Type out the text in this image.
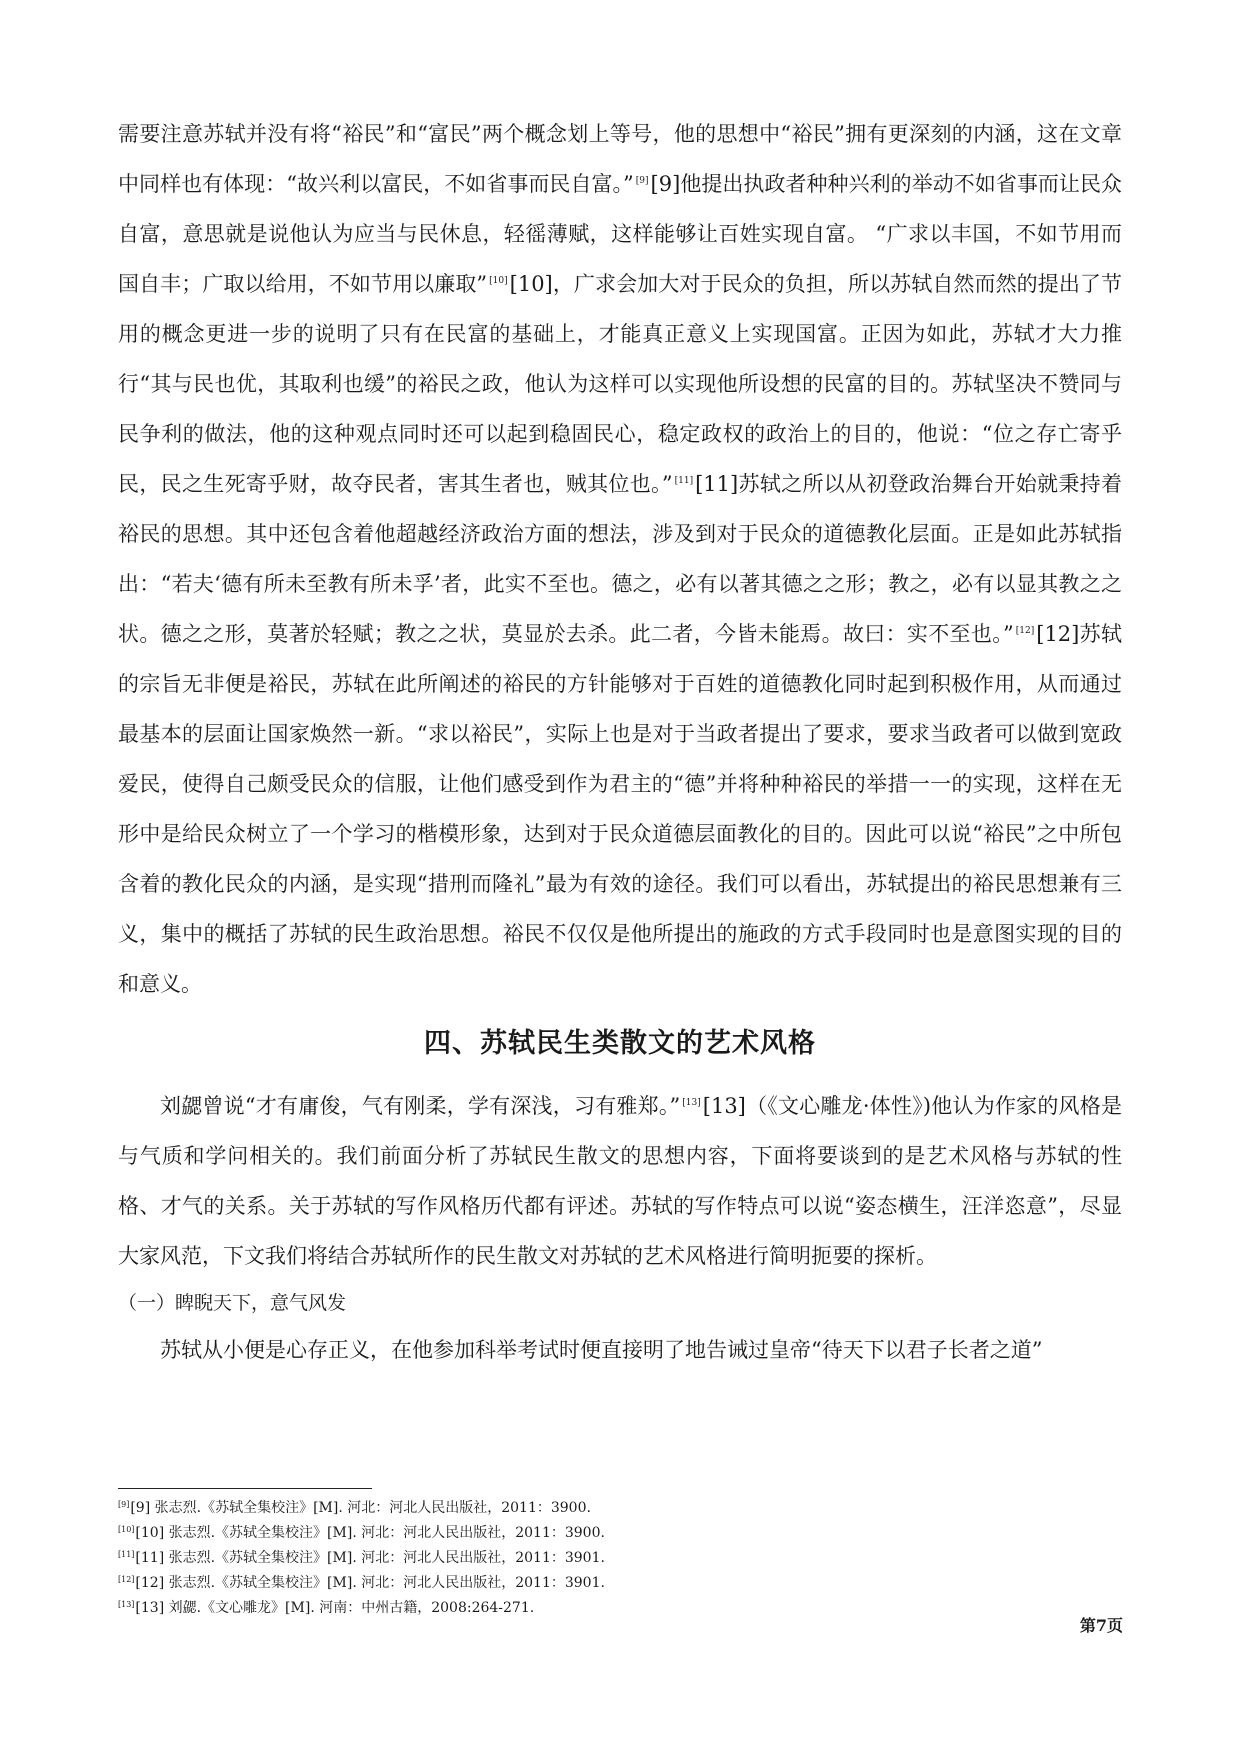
需要注意苏轼并没有将“裕民”和“富民”两个概念划上等号，他的思想中“裕民”拥有更深刻的内涵，这在文章中同样也有体现：“故兴利以富民，不如省事而民自富。” [9][9]他提出执政者种种兴利的举动不如省事而让民众自富，意思就是说他认为应当与民休息，轻徭薄赋，这样能够让百姓实现自富。 “广求以丰国，不如节用而国自丰；广取以给用，不如节用以廉取” [10][10]，广求会加大对于民众的负担，所以苏轼自然而然的提出了节用的概念更进一步的说明了只有在民富的基础上，才能真正意义上实现国富。正因为如此，苏轼才大力推行“其与民也优，其取利也缓”的裕民之政，他认为这样可以实现他所设想的民富的目的。苏轼坚决不赞同与民争利的做法，他的这种观点同时还可以起到稳固民心，稳定政权的政治上的目的，他说：“位之存亡寄乎民，民之生死寄乎财，故夺民者，害其生者也，贼其位也。” [11][11]苏轼之所以从初登政治舞台开始就秉持着裕民的思想。其中还包含着他超越经济政治方面的想法，涉及到对于民众的道德教化层面。正是如此苏轼指出：“若夫‘德有所未至教有所未孚’者，此实不至也。德之，必有以著其德之之形；教之，必有以显其教之之状。德之之形，莫著於轻赋；教之之状，莫显於去杀。此二者，今皆未能焉。故曰：实不至也。” [12][12]苏轼的宗旨无非便是裕民，苏轼在此所阐述的裕民的方针能够对于百姓的道德教化同时起到积极作用，从而通过最基本的层面让国家焕然一新。“求以裕民”，实际上也是对于当政者提出了要求，要求当政者可以做到宽政爱民，使得自己颇受民众的信服，让他们感受到作为君主的“德”并将种种裕民的举措一一的实现，这样在无形中是给民众树立了一个学习的楷模形象，达到对于民众道德层面教化的目的。因此可以说“裕民”之中所包含着的教化民众的内涵，是实现“措刑而隆礼”最为有效的途径。我们可以看出，苏轼提出的裕民思想兼有三义，集中的概括了苏轼的民生政治思想。裕民不仅仅是他所提出的施政的方式手段同时也是意图实现的目的和意义。

四、苏轼民生类散文的艺术风格

刘勰曾说“才有庸俊，气有刚柔，学有深浅，习有雅郑。” [13][13]（《文心雕龙·体性》)他认为作家的风格是与气质和学问相关的。我们前面分析了苏轼民生散文的思想内容，下面将要谈到的是艺术风格与苏轼的性格、才气的关系。关于苏轼的写作风格历代都有评述。苏轼的写作特点可以说“姿态横生，汪洋恣意”，尽显大家风范，下文我们将结合苏轼所作的民生散文对苏轼的艺术风格进行简明扼要的探析。

（一）睥睨天下，意气风发

苏轼从小便是心存正义，在他参加科举考试时便直接明了地告诫过皇帝“待天下以君子长者之道”

[9][9] 张志烈.《苏轼全集校注》[M]. 河北：河北人民出版社，2011：3900.
[10][10] 张志烈.《苏轼全集校注》[M]. 河北：河北人民出版社，2011：3900.
[11][11] 张志烈.《苏轼全集校注》[M]. 河北：河北人民出版社，2011：3901.
[12][12] 张志烈.《苏轼全集校注》[M]. 河北：河北人民出版社，2011：3901.
[13][13] 刘勰.《文心雕龙》[M]. 河南：中州古籍，2008:264-271.
第7页
